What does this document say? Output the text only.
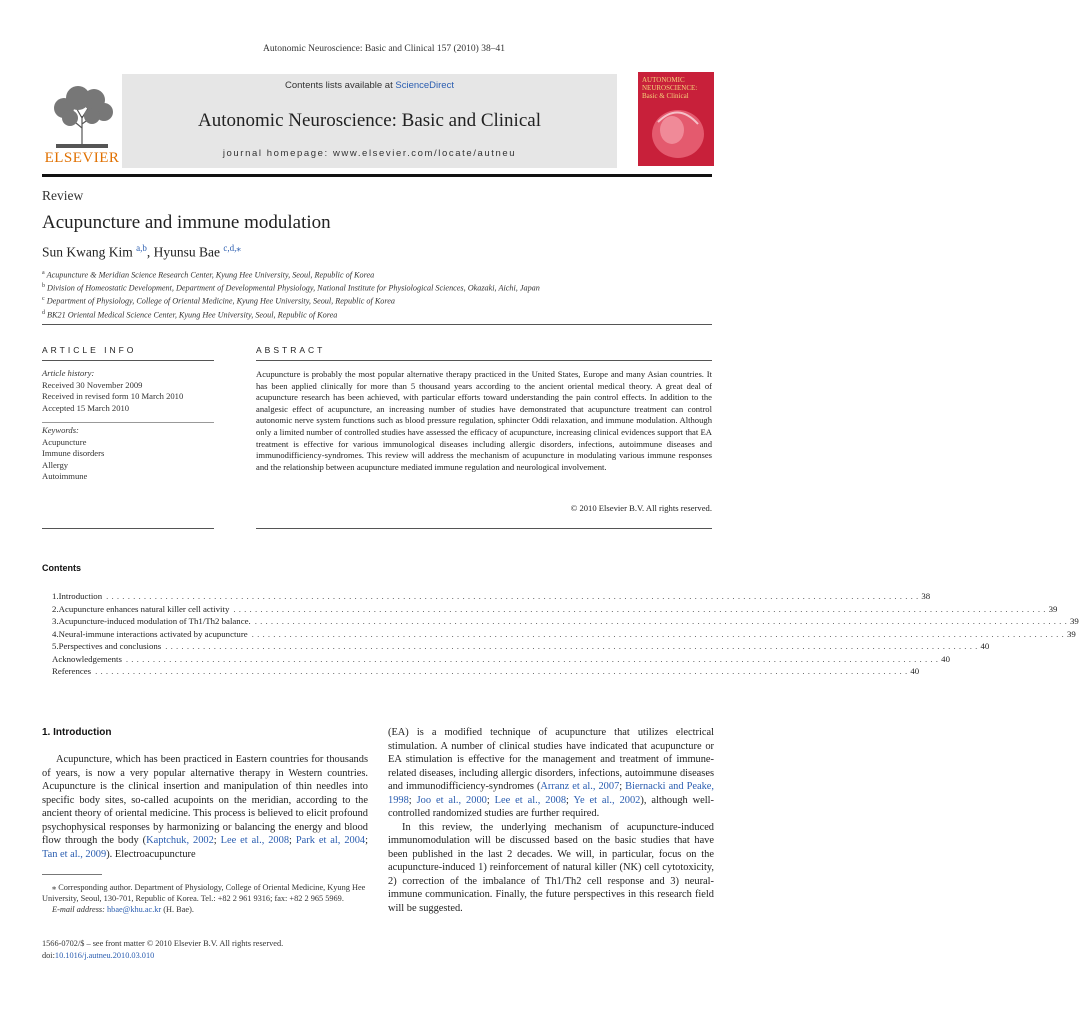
Autonomic Neuroscience: Basic and Clinical 157 (2010) 38–41
ELSEVIER
Contents lists available at ScienceDirect
Autonomic Neuroscience: Basic and Clinical
journal homepage: www.elsevier.com/locate/autneu
AUTONOMIC NEUROSCIENCE: Basic & Clinical
Review
Acupuncture and immune modulation
Sun Kwang Kim $^{a,b}$, Hyunsu Bae $^{c,d,⁎}$
$^a$ Acupuncture & Meridian Science Research Center, Kyung Hee University, Seoul, Republic of Korea
$^b$ Division of Homeostatic Development, Department of Developmental Physiology, National Institute for Physiological Sciences, Okazaki, Aichi, Japan
$^c$ Department of Physiology, College of Oriental Medicine, Kyung Hee University, Seoul, Republic of Korea
$^d$ BK21 Oriental Medical Science Center, Kyung Hee University, Seoul, Republic of Korea
ARTICLE INFO
Article history:
Received 30 November 2009
Received in revised form 10 March 2010
Accepted 15 March 2010
Keywords:
Acupuncture
Immune disorders
Allergy
Autoimmune
ABSTRACT
Acupuncture is probably the most popular alternative therapy practiced in the United States, Europe and many Asian countries. It has been applied clinically for more than 5 thousand years according to the ancient oriental medical theory. A great deal of acupuncture research has been achieved, with particular efforts toward understanding the pain control effects. In addition to the analgesic effect of acupuncture, an increasing number of studies have demonstrated that acupuncture treatment can control autonomic nerve system functions such as blood pressure regulation, sphincter Oddi relaxation, and immune modulation. Although only a limited number of controlled studies have assessed the efficacy of acupuncture, increasing clinical evidences support that EA treatment is effective for various immunological diseases including allergic disorders, infections, autoimmune diseases and immunodifficiency-syndromes. This review will address the mechanism of acupuncture in modulating various immune responses and the relationship between acupuncture mediated immune regulation and neurological involvement.
© 2010 Elsevier B.V. All rights reserved.
Contents
1. Introduction ....................................................................................................................................................... 38
2. Acupuncture enhances natural killer cell activity ....................................................................................................................................................... 39
3. Acupuncture-induced modulation of Th1/Th2 balance. ....................................................................................................................................................... 39
4. Neural-immune interactions activated by acupuncture ....................................................................................................................................................... 39
5. Perspectives and conclusions ....................................................................................................................................................... 40
Acknowledgements ....................................................................................................................................................... 40
References ....................................................................................................................................................... 40
1. Introduction

Acupuncture, which has been practiced in Eastern countries for thousands of years, is now a very popular alternative therapy in Western countries. Acupuncture is the clinical insertion and manipulation of thin needles into specific body sites, so-called acupoints on the meridian, according to the ancient theory of oriental medicine. This process is believed to elicit profound psychophysical responses by harmonizing or balancing the energy and blood flow through the body (Kaptchuk, 2002; Lee et al., 2008; Park et al, 2004; Tan et al., 2009). Electroacupuncture

⁎ Corresponding author. Department of Physiology, College of Oriental Medicine, Kyung Hee University, Seoul, 130-701, Republic of Korea. Tel.: +82 2 961 9316; fax: +82 2 965 5969.
E-mail address: hbae@khu.ac.kr (H. Bae).
1566-0702/$ – see front matter © 2010 Elsevier B.V. All rights reserved.
doi:10.1016/j.autneu.2010.03.010

(EA) is a modified technique of acupuncture that utilizes electrical stimulation. A number of clinical studies have indicated that acupuncture or EA stimulation is effective for the management and treatment of immune-related diseases, including allergic disorders, infections, autoimmune diseases and immunodifficiency-syndromes (Arranz et al., 2007; Biernacki and Peake, 1998; Joo et al., 2000; Lee et al., 2008; Ye et al., 2002), although well-controlled randomized studies are further required.

In this review, the underlying mechanism of acupuncture-induced immunomodulation will be discussed based on the basic studies that have been published in the last 2 decades. We will, in particular, focus on the acupuncture-induced 1) reinforcement of natural killer (NK) cell cytotoxicity, 2) correction of the imbalance of Th1/Th2 cell response and 3) neural-immune communication. Finally, the future perspectives in this research field will be suggested.
